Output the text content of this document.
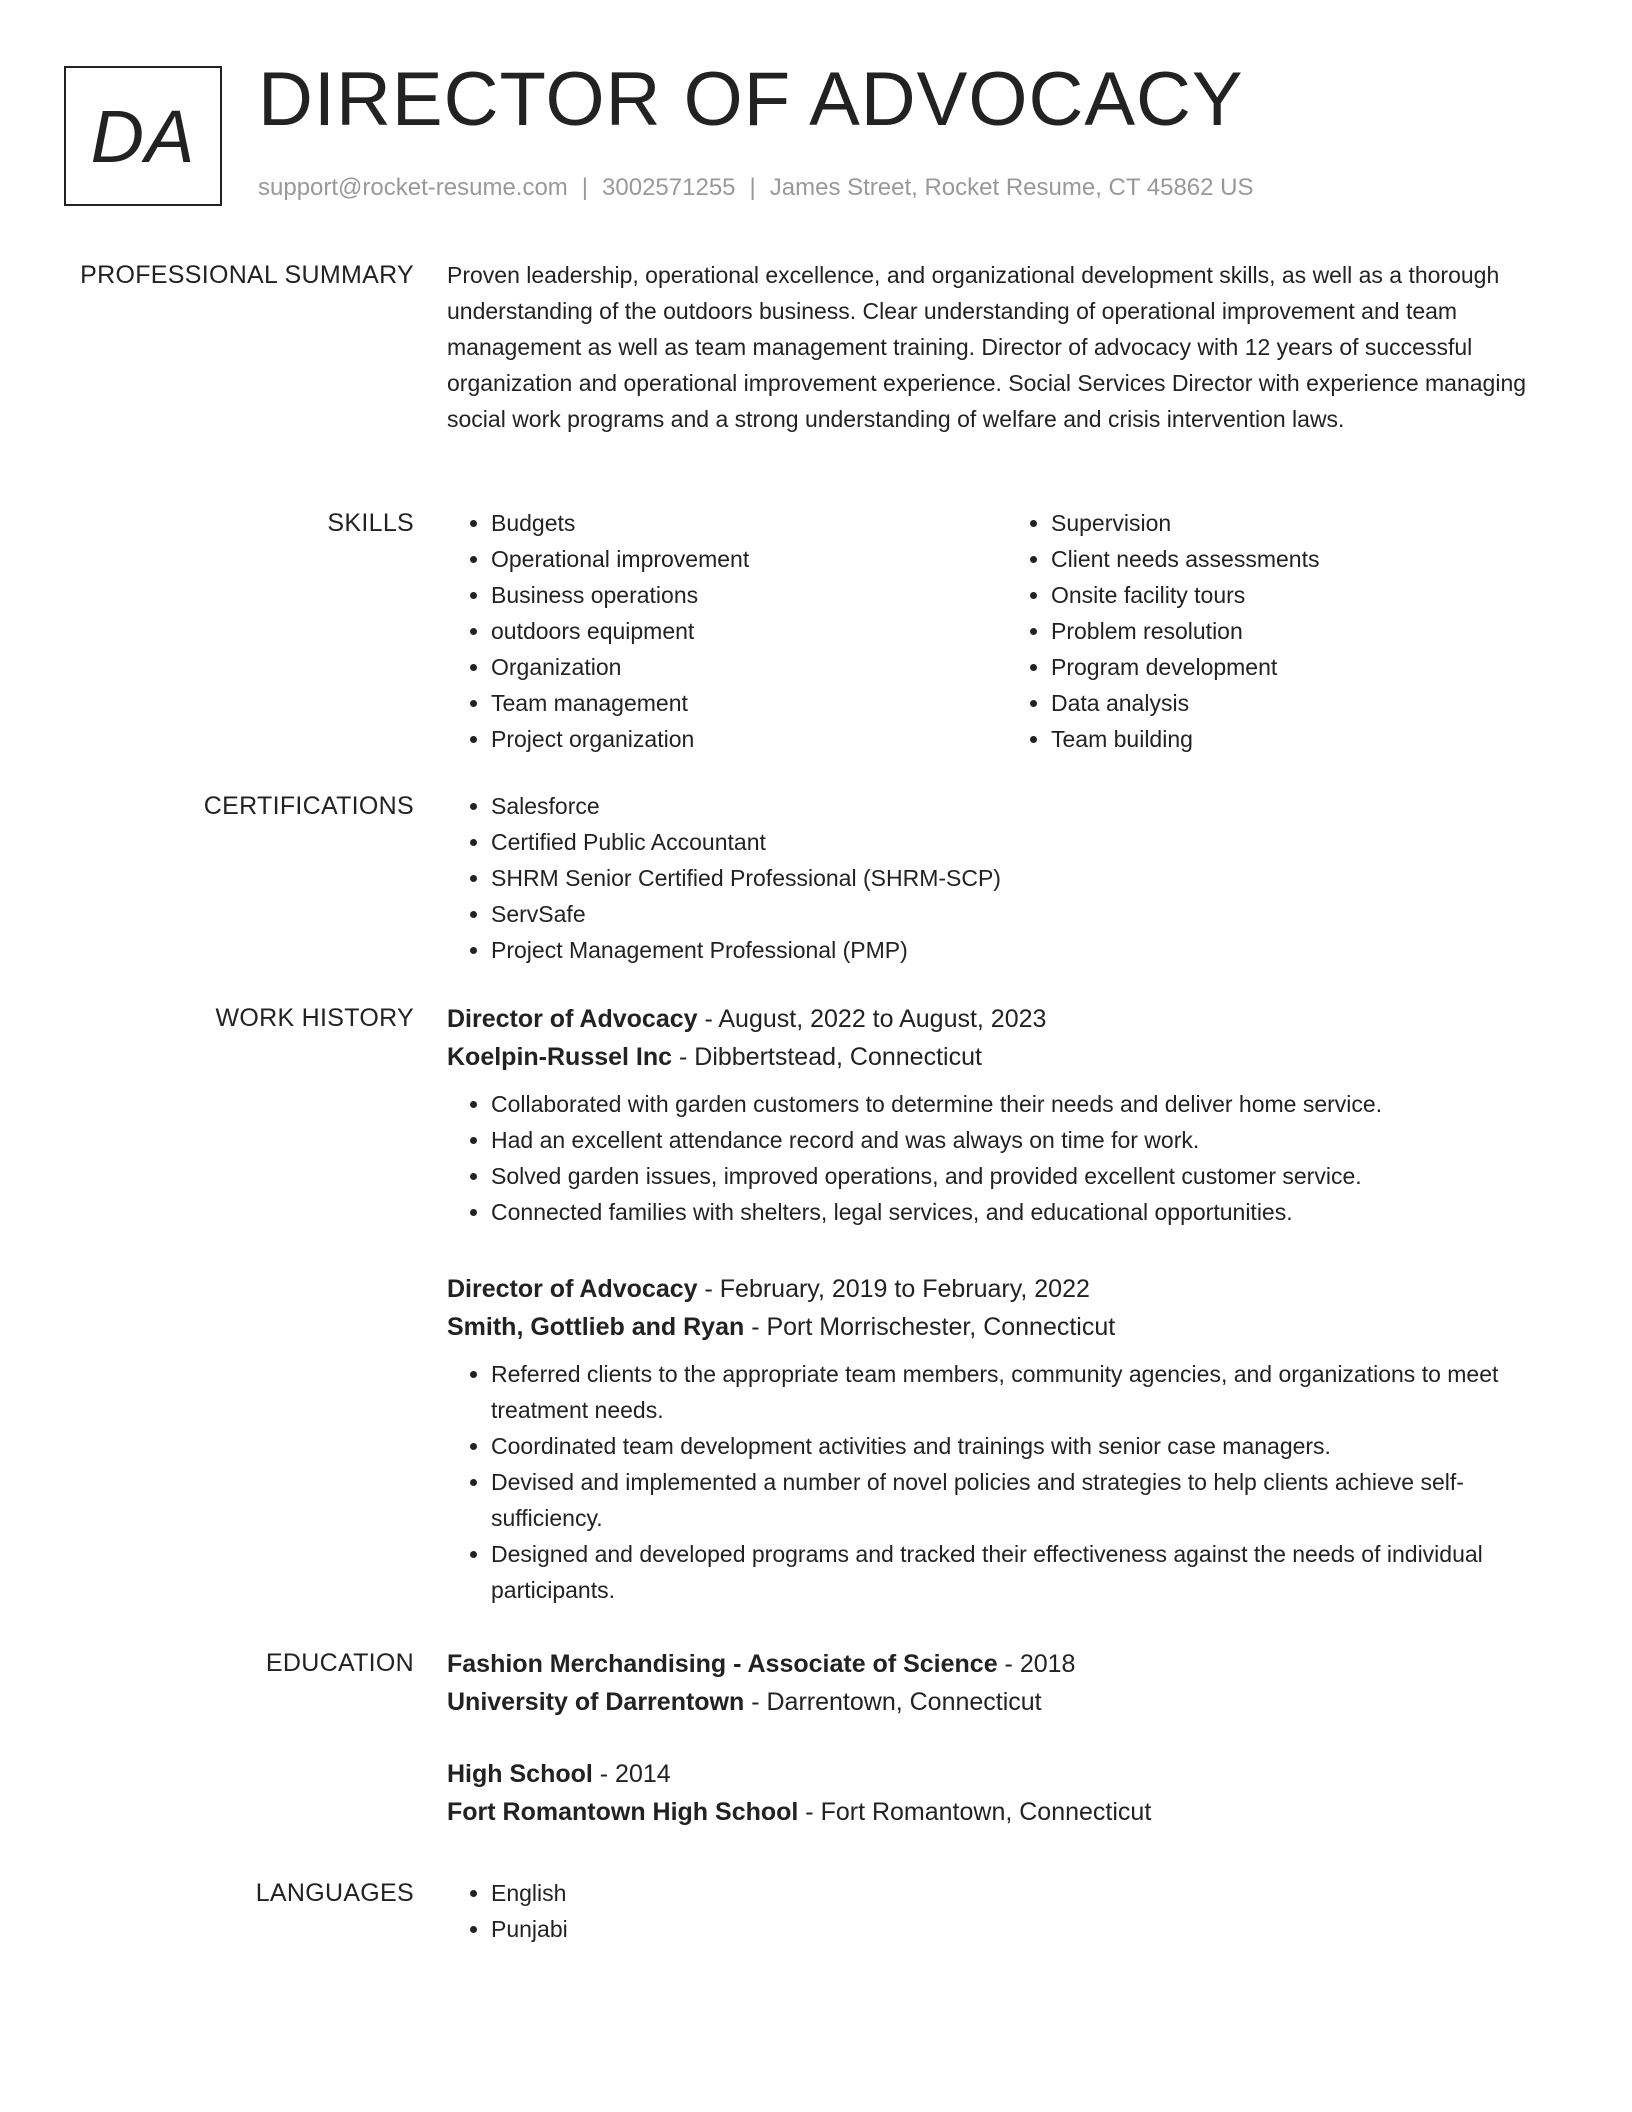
DA DIRECTOR OF ADVOCACY
support@rocket-resume.com | 3002571255 | James Street, Rocket Resume, CT 45862 US
PROFESSIONAL SUMMARY Proven leadership, operational excellence, and organizational development skills, as well as a thorough understanding of the outdoors business. Clear understanding of operational improvement and team management as well as team management training. Director of advocacy with 12 years of successful organization and operational improvement experience. Social Services Director with experience managing social work programs and a strong understanding of welfare and crisis intervention laws.

SKILLS	• Budgets
• Operational improvement
• Business operations
• outdoors equipment
• Organization
• Team management
• Project organization
• Supervision
• Client needs assessments
• Onsite facility tours
• Problem resolution
• Program development
• Data analysis
• Team building
CERTIFICATIONS	• Salesforce
• Certified Public Accountant
• SHRM Senior Certified Professional (SHRM-SCP)
• ServSafe
• Project Management Professional (PMP)
WORK HISTORY Director of Advocacy - August, 2022 to August, 2023
Koelpin-Russel Inc - Dibbertstead, Connecticut
• Collaborated with garden customers to determine their needs and deliver home service.
• Had an excellent attendance record and was always on time for work.
• Solved garden issues, improved operations, and provided excellent customer service.
• Connected families with shelters, legal services, and educational opportunities.
Director of Advocacy - February, 2019 to February, 2022
Smith, Gottlieb and Ryan - Port Morrischester, Connecticut
• Referred clients to the appropriate team members, community agencies, and organizations to meet treatment needs.
• Coordinated team development activities and trainings with senior case managers.
• Devised and implemented a number of novel policies and strategies to help clients achieve self-sufficiency.
• Designed and developed programs and tracked their effectiveness against the needs of individual participants.
EDUCATION Fashion Merchandising - Associate of Science - 2018
University of Darrentown - Darrentown, Connecticut
High School - 2014
Fort Romantown High School - Fort Romantown, Connecticut
LANGUAGES	• English
• Punjabi
